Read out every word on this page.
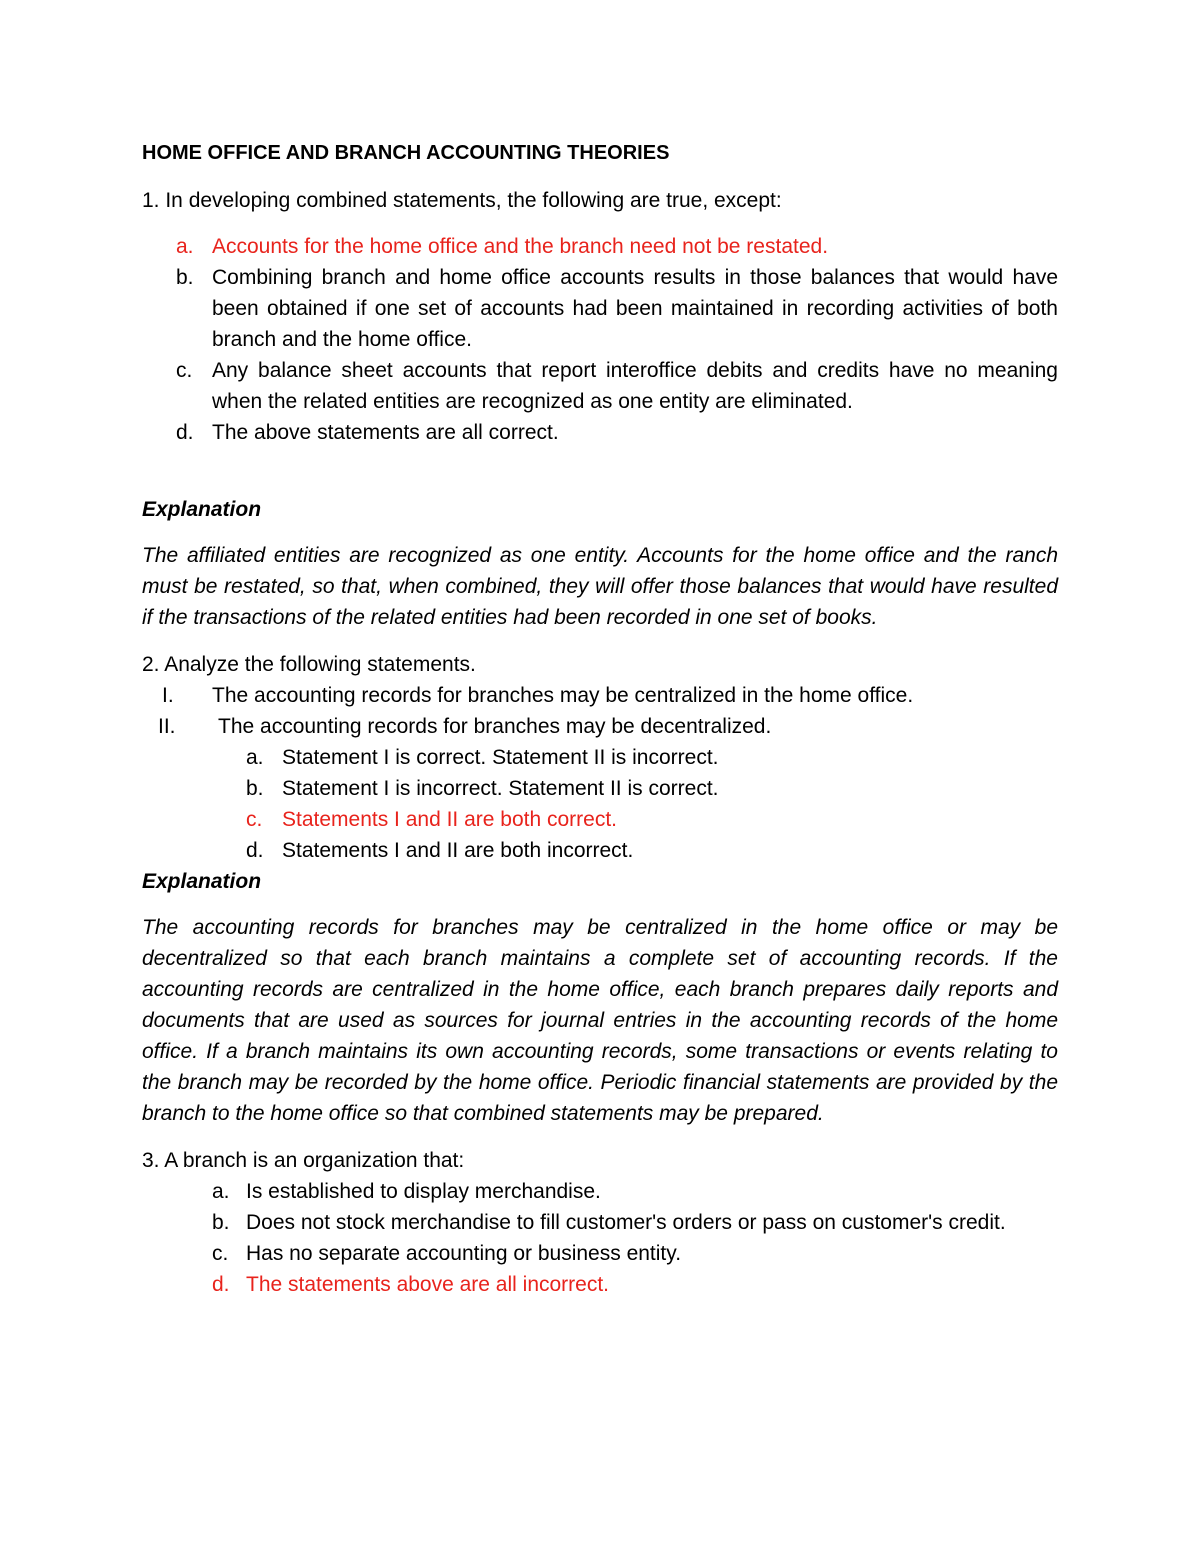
HOME OFFICE AND BRANCH ACCOUNTING THEORIES

1. In developing combined statements, the following are true, except:

a. Accounts for the home office and the branch need not be restated.
b. Combining branch and home office accounts results in those balances that would have been obtained if one set of accounts had been maintained in recording activities of both branch and the home office.
c. Any balance sheet accounts that report interoffice debits and credits have no meaning when the related entities are recognized as one entity are eliminated.
d. The above statements are all correct.

Explanation

The affiliated entities are recognized as one entity. Accounts for the home office and the ranch must be restated, so that, when combined, they will offer those balances that would have resulted if the transactions of the related entities had been recorded in one set of books.

2. Analyze the following statements.

I.	The accounting records for branches may be centralized in the home office.
II.	The accounting records for branches may be decentralized.
a. Statement I is correct. Statement II is incorrect.
b. Statement I is incorrect. Statement II is correct.
c. Statements I and II are both correct.
d. Statements I and II are both incorrect.

Explanation

The accounting records for branches may be centralized in the home office or may be decentralized so that each branch maintains a complete set of accounting records. If the accounting records are centralized in the home office, each branch prepares daily reports and documents that are used as sources for journal entries in the accounting records of the home office. If a branch maintains its own accounting records, some transactions or events relating to the branch may be recorded by the home office. Periodic financial statements are provided by the branch to the home office so that combined statements may be prepared.

3. A branch is an organization that:

a. Is established to display merchandise.
b. Does not stock merchandise to fill customer's orders or pass on customer's credit.
c. Has no separate accounting or business entity.
d. The statements above are all incorrect.
